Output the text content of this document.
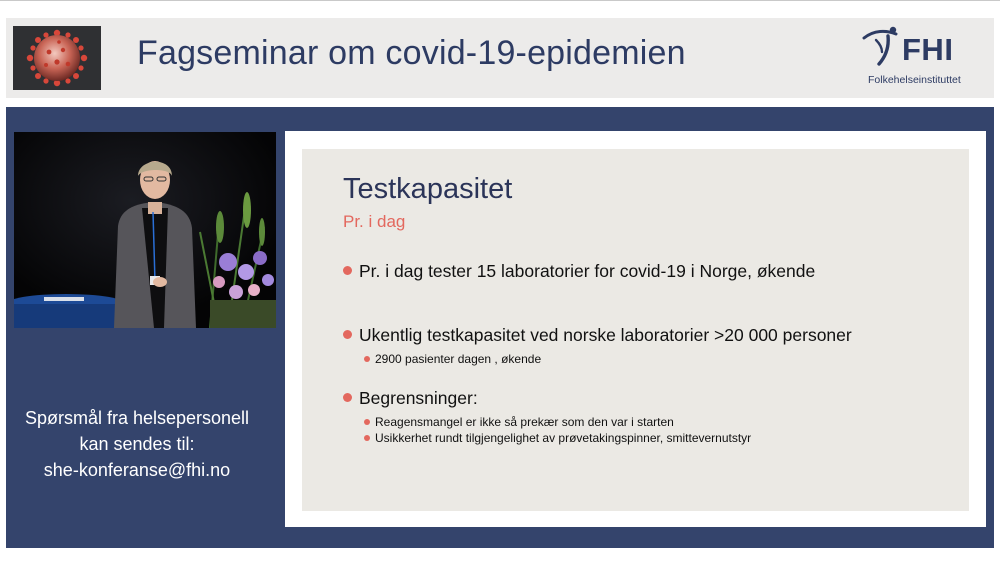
Fagseminar om covid-19-epidemien	FHI
Folkehelseinstituttet
Spørsmål fra helsepersonell
kan sendes til:
she-konferanse@fhi.no
Testkapasitet
Pr. i dag
Pr. i dag tester 15 laboratorier for covid-19 i Norge, økende
Ukentlig testkapasitet ved norske laboratorier >20 000 personer
2900 pasienter dagen , økende
Begrensninger:
Reagensmangel er ikke så prekær som den var i starten
Usikkerhet rundt tilgjengelighet av prøvetakingspinner, smittevernutstyr
